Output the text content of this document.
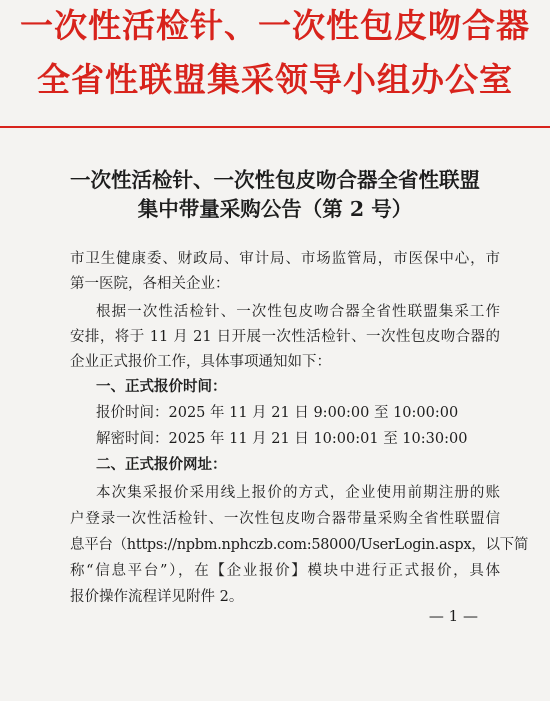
一次性活检针、一次性包皮吻合器
全省性联盟集采领导小组办公室
一次性活检针、一次性包皮吻合器全省性联盟
集中带量采购公告（第 2 号）
市卫生健康委、财政局、审计局、市场监管局，市医保中心，市
第一医院，各相关企业：
根据一次性活检针、一次性包皮吻合器全省性联盟集采工作
安排，将于 11 月 21 日开展一次性活检针、一次性包皮吻合器的
企业正式报价工作，具体事项通知如下：
一、正式报价时间：
报价时间：2025 年 11 月 21 日 9:00:00 至 10:00:00
解密时间：2025 年 11 月 21 日 10:00:01 至 10:30:00
二、正式报价网址：
本次集采报价采用线上报价的方式，企业使用前期注册的账
户登录一次性活检针、一次性包皮吻合器带量采购全省性联盟信
息平台（https://npbm.nphczb.com:58000/UserLogin.aspx，以下简
称“信息平台”），在【企业报价】模块中进行正式报价，具体
报价操作流程详见附件 2。
— 1 —
